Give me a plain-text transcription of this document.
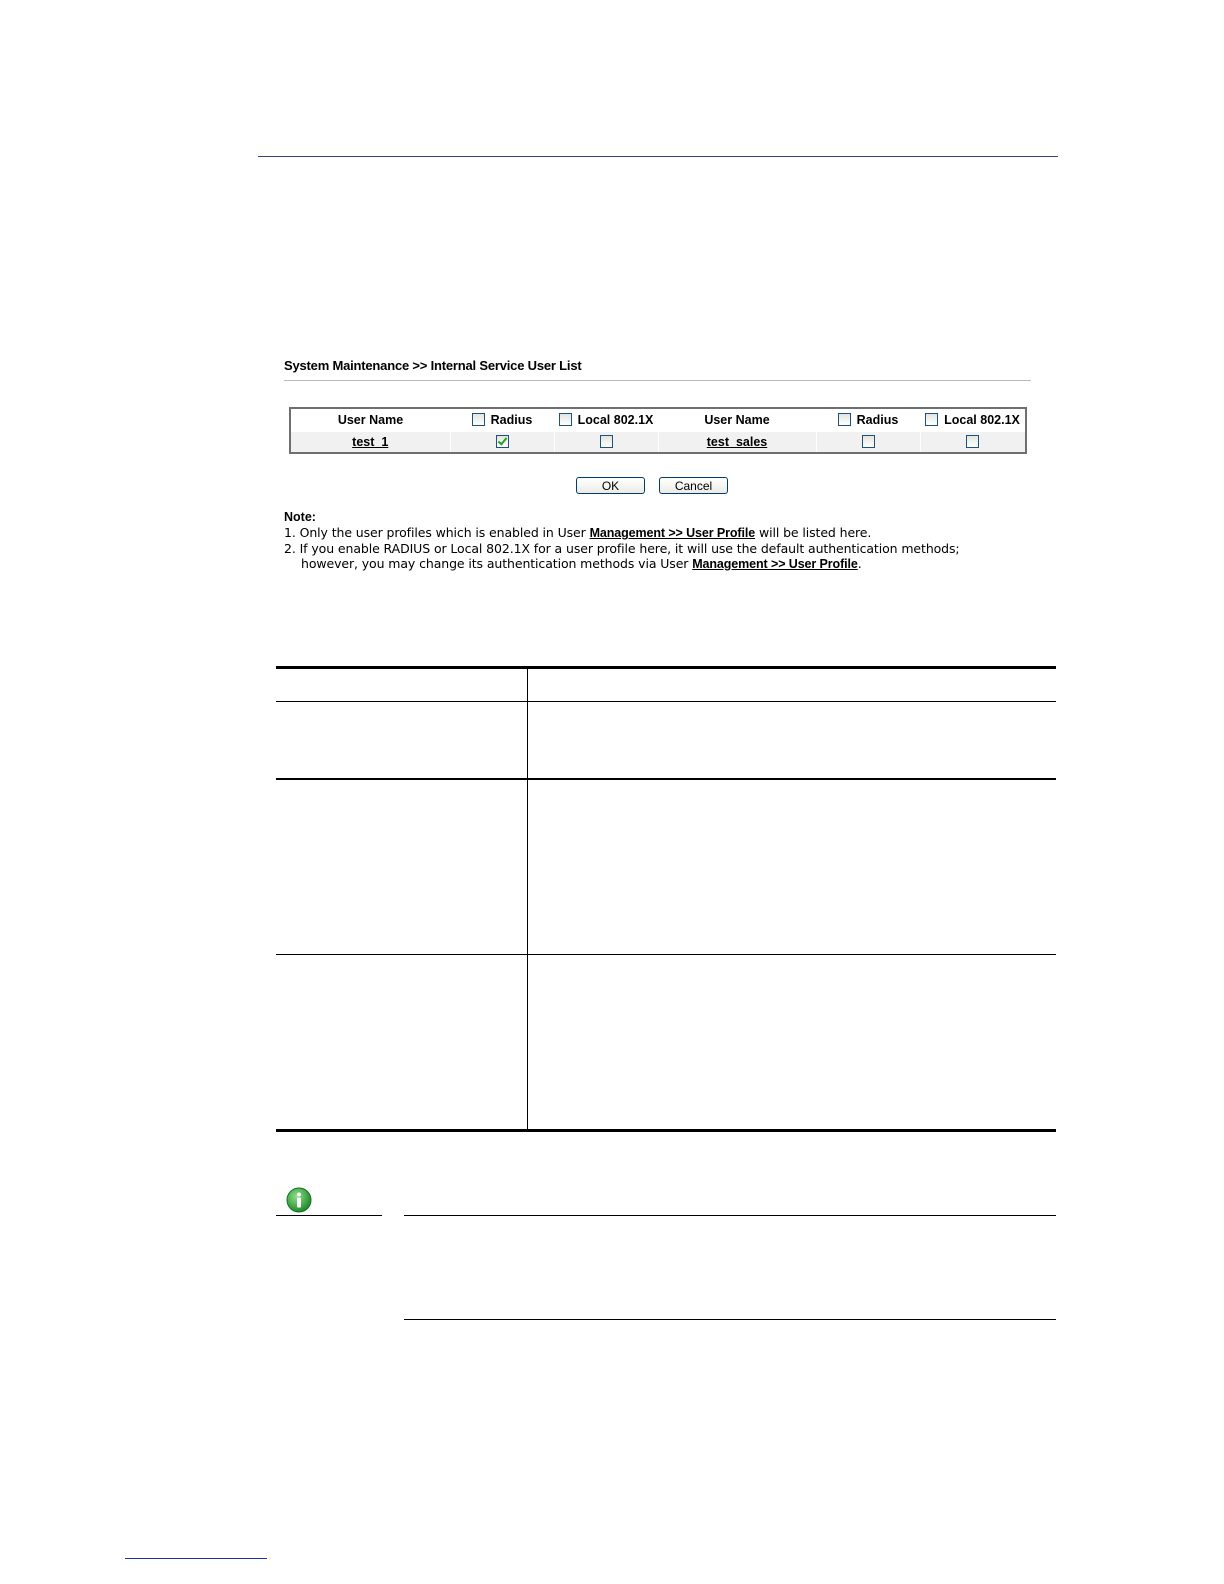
System Maintenance >> Internal Service User List
User Name	Radius	Local 802.1X	User Name	Radius	Local 802.1X
test_1			test_sales		
OK	Cancel
Note:
1. Only the user profiles which is enabled in User Management >> User Profile will be listed here.
2. If you enable RADIUS or Local 802.1X for a user profile here, it will use the default authentication methods;
however, you may change its authentication methods via User Management >> User Profile.
